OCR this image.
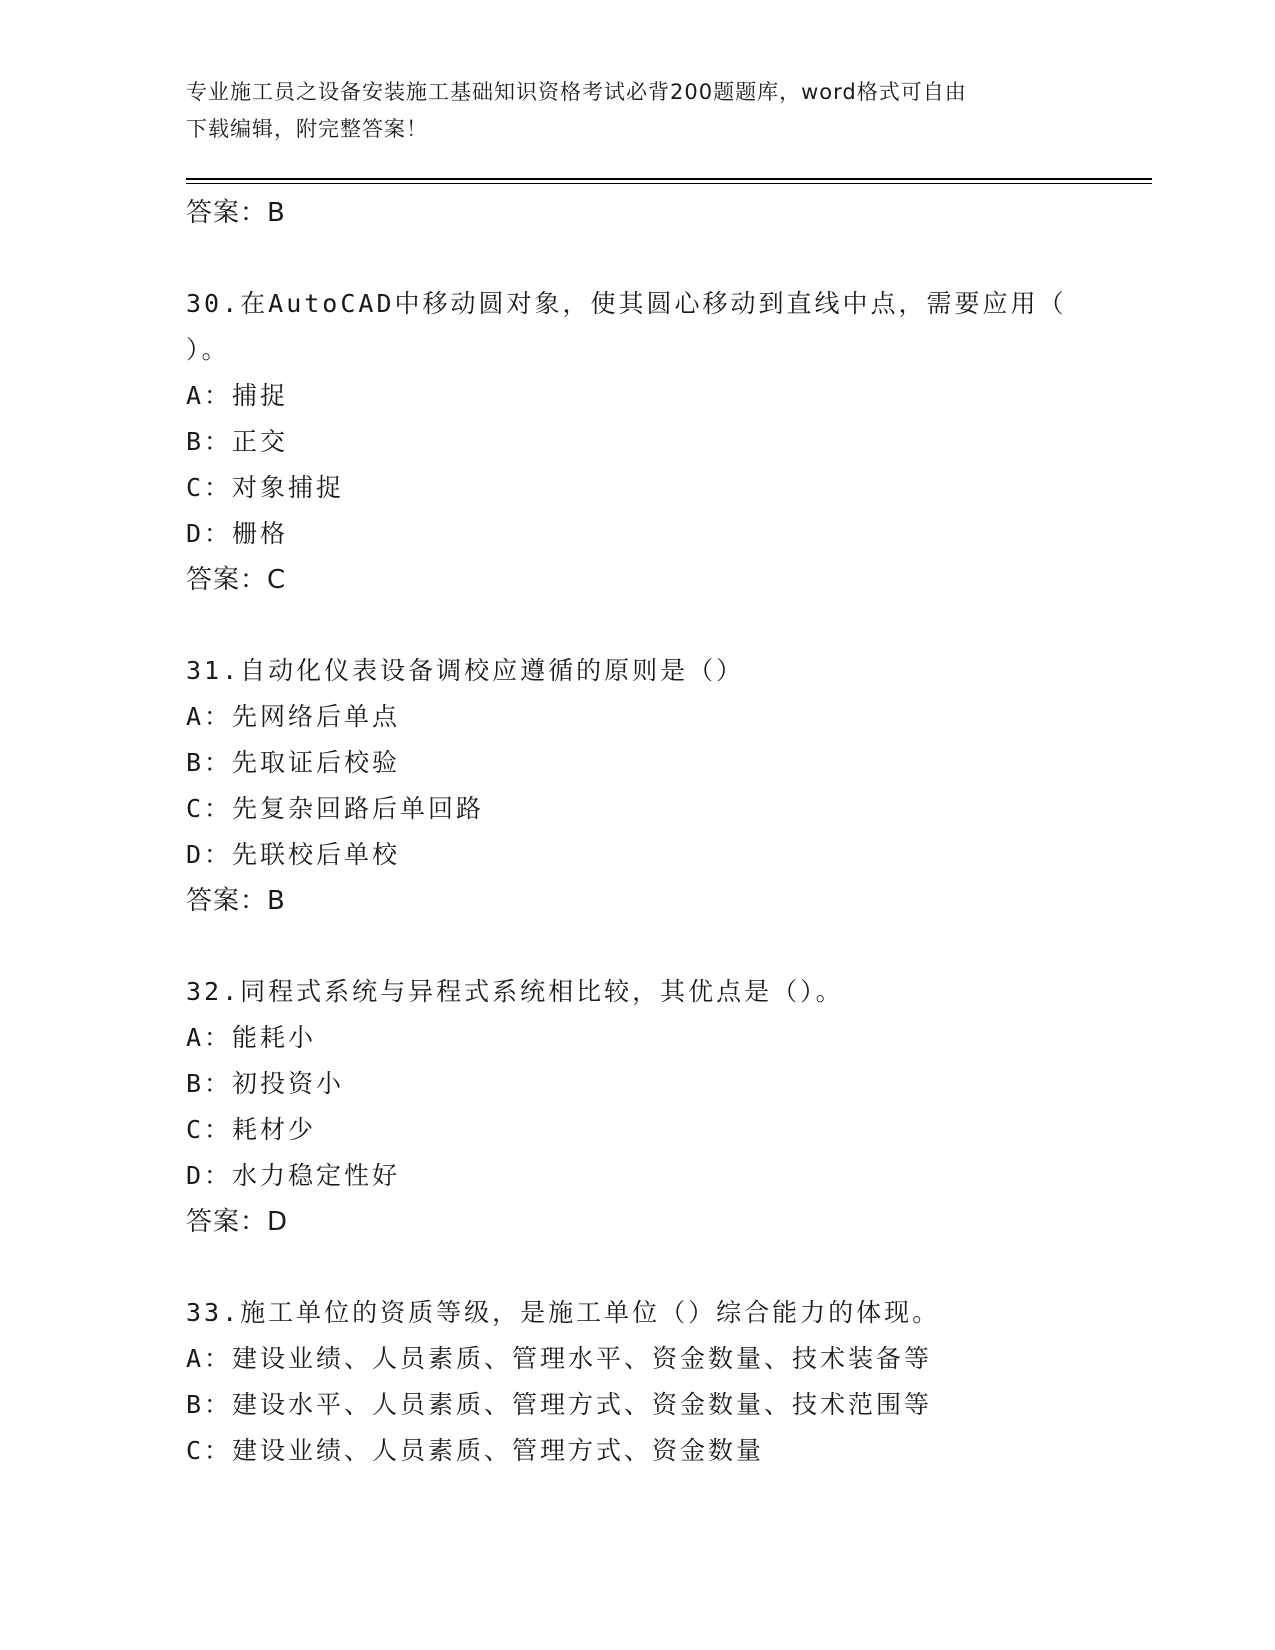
专业施工员之设备安装施工基础知识资格考试必背200题题库，word格式可自由
下载编辑，附完整答案！
答案：B
30.在AutoCAD中移动圆对象，使其圆心移动到直线中点，需要应用（
）。
A：捕捉
B：正交
C：对象捕捉
D：栅格
答案：C
31.自动化仪表设备调校应遵循的原则是（）
A：先网络后单点
B：先取证后校验
C：先复杂回路后单回路
D：先联校后单校
答案：B
32.同程式系统与异程式系统相比较，其优点是（）。
A：能耗小
B：初投资小
C：耗材少
D：水力稳定性好
答案：D
33.施工单位的资质等级，是施工单位（）综合能力的体现。
A：建设业绩、人员素质、管理水平、资金数量、技术装备等
B：建设水平、人员素质、管理方式、资金数量、技术范围等
C：建设业绩、人员素质、管理方式、资金数量
